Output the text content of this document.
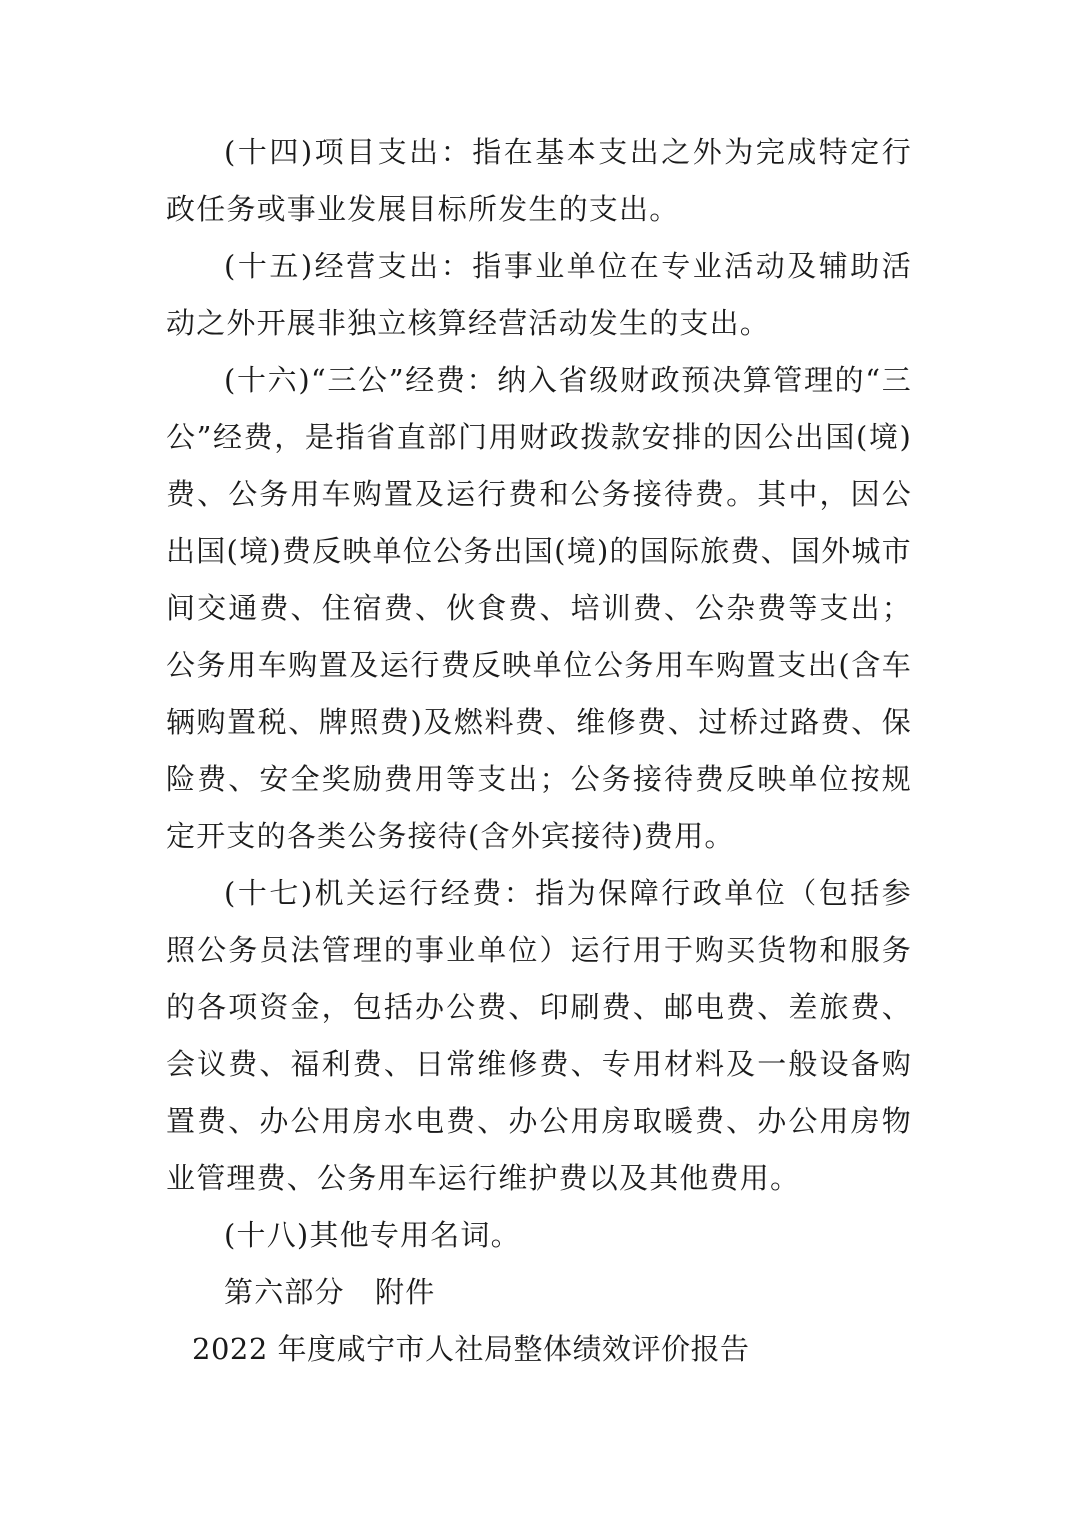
(十四)项目支出：指在基本支出之外为完成特定行政任务或事业发展目标所发生的支出。

(十五)经营支出：指事业单位在专业活动及辅助活动之外开展非独立核算经营活动发生的支出。

(十六)“三公”经费：纳入省级财政预决算管理的“三公”经费，是指省直部门用财政拨款安排的因公出国(境)费、公务用车购置及运行费和公务接待费。其中，因公出国(境)费反映单位公务出国(境)的国际旅费、国外城市间交通费、住宿费、伙食费、培训费、公杂费等支出；公务用车购置及运行费反映单位公务用车购置支出(含车辆购置税、牌照费)及燃料费、维修费、过桥过路费、保险费、安全奖励费用等支出；公务接待费反映单位按规定开支的各类公务接待(含外宾接待)费用。

(十七)机关运行经费：指为保障行政单位（包括参照公务员法管理的事业单位）运行用于购买货物和服务的各项资金，包括办公费、印刷费、邮电费、差旅费、会议费、福利费、日常维修费、专用材料及一般设备购置费、办公用房水电费、办公用房取暖费、办公用房物业管理费、公务用车运行维护费以及其他费用。

(十八)其他专用名词。

第六部分　附件

2022 年度咸宁市人社局整体绩效评价报告
